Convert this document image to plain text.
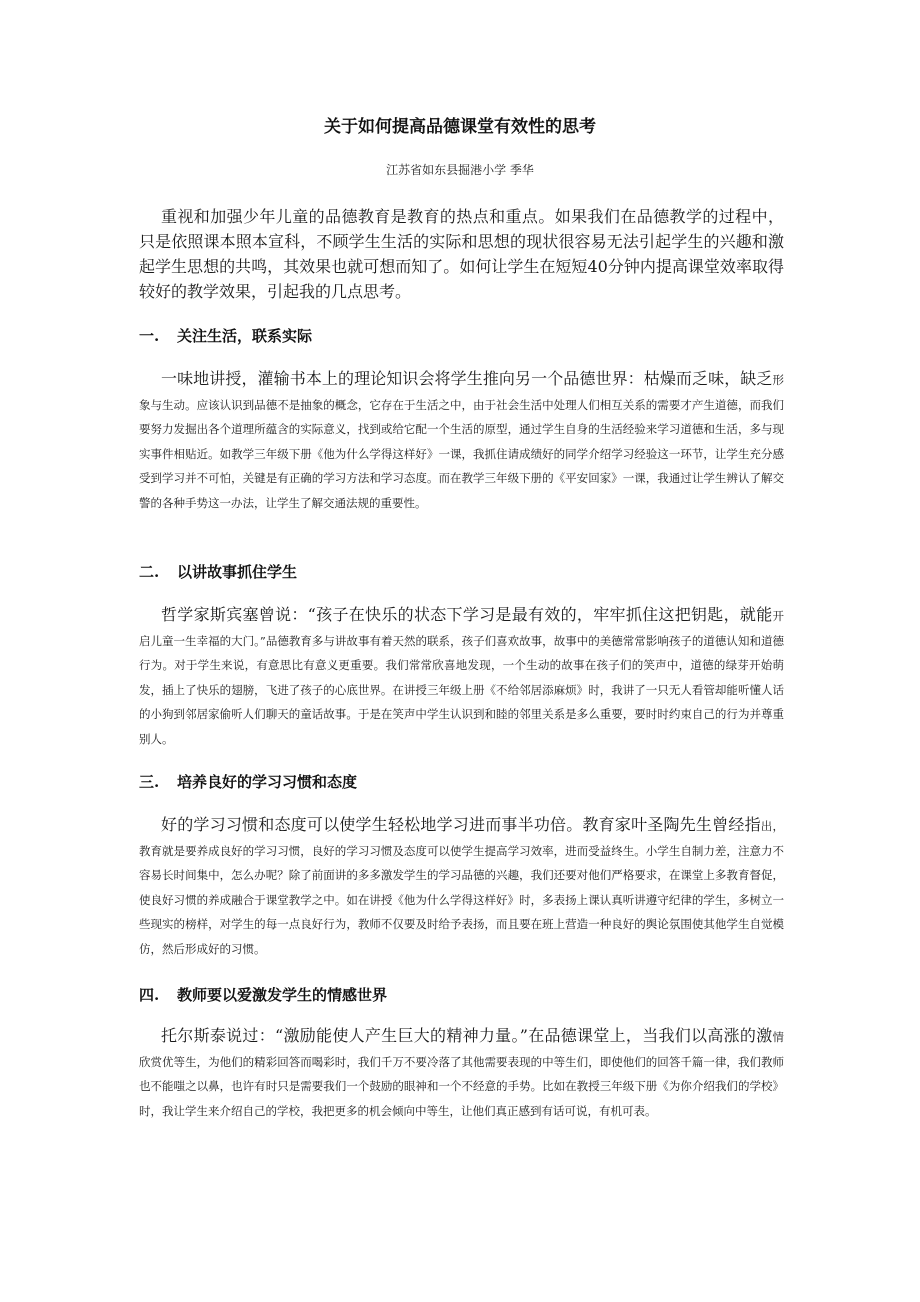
关于如何提高品德课堂有效性的思考
江苏省如东县掘港小学 季华

重视和加强少年儿童的品德教育是教育的热点和重点。如果我们在品德教学的过程中，只是依照课本照本宣科，不顾学生生活的实际和思想的现状很容易无法引起学生的兴趣和激起学生思想的共鸣，其效果也就可想而知了。如何让学生在短短40分钟内提高课堂效率取得较好的教学效果，引起我的几点思考。

一. 关注生活，联系实际

一味地讲授，灌输书本上的理论知识会将学生推向另一个品德世界：枯燥而乏味，缺乏形象与生动。应该认识到品德不是抽象的概念，它存在于生活之中，由于社会生活中处理人们相互关系的需要才产生道德，而我们要努力发掘出各个道理所蕴含的实际意义，找到或给它配一个生活的原型，通过学生自身的生活经验来学习道德和生活，多与现实事件相贴近。如教学三年级下册《他为什么学得这样好》一课，我抓住请成绩好的同学介绍学习经验这一环节，让学生充分感受到学习并不可怕，关键是有正确的学习方法和学习态度。而在教学三年级下册的《平安回家》一课，我通过让学生辨认了解交警的各种手势这一办法，让学生了解交通法规的重要性。

二. 以讲故事抓住学生

哲学家斯宾塞曾说：“孩子在快乐的状态下学习是最有效的，牢牢抓住这把钥匙，就能开启儿童一生幸福的大门。”品德教育多与讲故事有着天然的联系，孩子们喜欢故事，故事中的美德常常影响孩子的道德认知和道德行为。对于学生来说，有意思比有意义更重要。我们常常欣喜地发现，一个生动的故事在孩子们的笑声中，道德的绿芽开始萌发，插上了快乐的翅膀，飞进了孩子的心底世界。在讲授三年级上册《不给邻居添麻烦》时，我讲了一只无人看管却能听懂人话的小狗到邻居家偷听人们聊天的童话故事。于是在笑声中学生认识到和睦的邻里关系是多么重要，要时时约束自己的行为并尊重别人。

三. 培养良好的学习习惯和态度

好的学习习惯和态度可以使学生轻松地学习进而事半功倍。教育家叶圣陶先生曾经指出，教育就是要养成良好的学习习惯，良好的学习习惯及态度可以使学生提高学习效率，进而受益终生。小学生自制力差，注意力不容易长时间集中，怎么办呢？除了前面讲的多多激发学生的学习品德的兴趣，我们还要对他们严格要求，在课堂上多教育督促，使良好习惯的养成融合于课堂教学之中。如在讲授《他为什么学得这样好》时，多表扬上课认真听讲遵守纪律的学生，多树立一些现实的榜样，对学生的每一点良好行为，教师不仅要及时给予表扬，而且要在班上营造一种良好的舆论氛围使其他学生自觉模仿，然后形成好的习惯。

四. 教师要以爱激发学生的情感世界

托尔斯泰说过：“激励能使人产生巨大的精神力量。”在品德课堂上，当我们以高涨的激情欣赏优等生，为他们的精彩回答而喝彩时，我们千万不要冷落了其他需要表现的中等生们，即使他们的回答千篇一律，我们教师也不能嗤之以鼻，也许有时只是需要我们一个鼓励的眼神和一个不经意的手势。比如在教授三年级下册《为你介绍我们的学校》时，我让学生来介绍自己的学校，我把更多的机会倾向中等生，让他们真正感到有话可说，有机可表。
